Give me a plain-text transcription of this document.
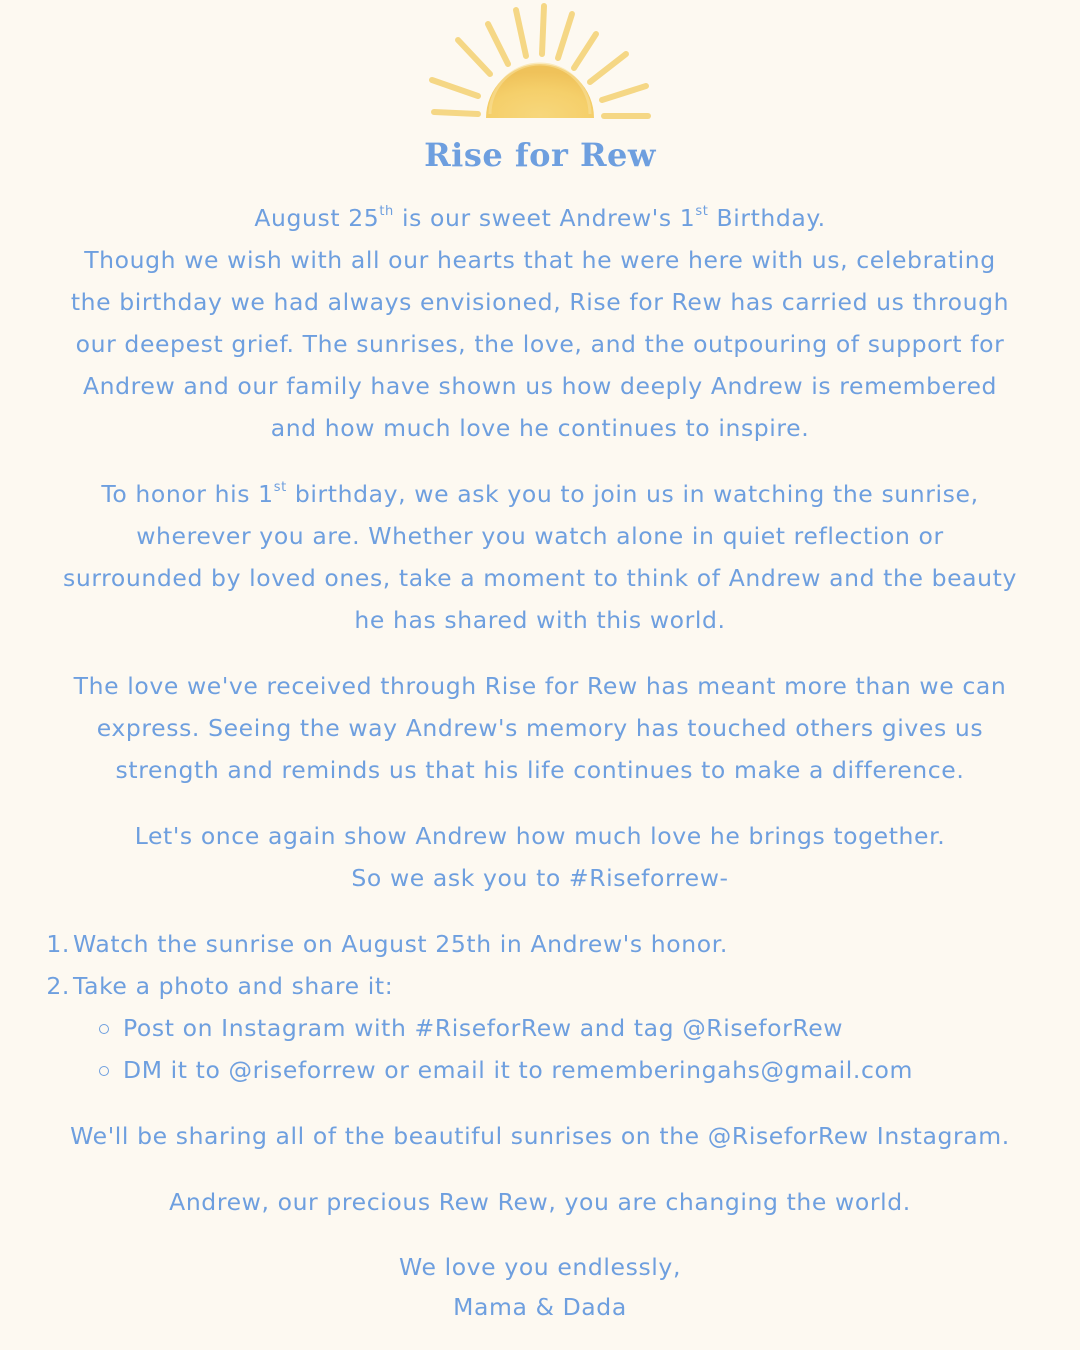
Rise for Rew
August 25th is our sweet Andrew's 1st Birthday.
Though we wish with all our hearts that he were here with us, celebrating
the birthday we had always envisioned, Rise for Rew has carried us through
our deepest grief. The sunrises, the love, and the outpouring of support for
Andrew and our family have shown us how deeply Andrew is remembered
and how much love he continues to inspire.
To honor his 1st birthday, we ask you to join us in watching the sunrise,
wherever you are. Whether you watch alone in quiet reflection or
surrounded by loved ones, take a moment to think of Andrew and the beauty
he has shared with this world.
The love we've received through Rise for Rew has meant more than we can
express. Seeing the way Andrew's memory has touched others gives us
strength and reminds us that his life continues to make a difference.
Let's once again show Andrew how much love he brings together.
So we ask you to #Riseforrew-
1. Watch the sunrise on August 25th in Andrew's honor.
2. Take a photo and share it:
Post on Instagram with #RiseforRew and tag @RiseforRew
DM it to @riseforrew or email it to rememberingahs@gmail.com
We'll be sharing all of the beautiful sunrises on the @RiseforRew Instagram.
Andrew, our precious Rew Rew, you are changing the world.
We love you endlessly,
Mama & Dada
